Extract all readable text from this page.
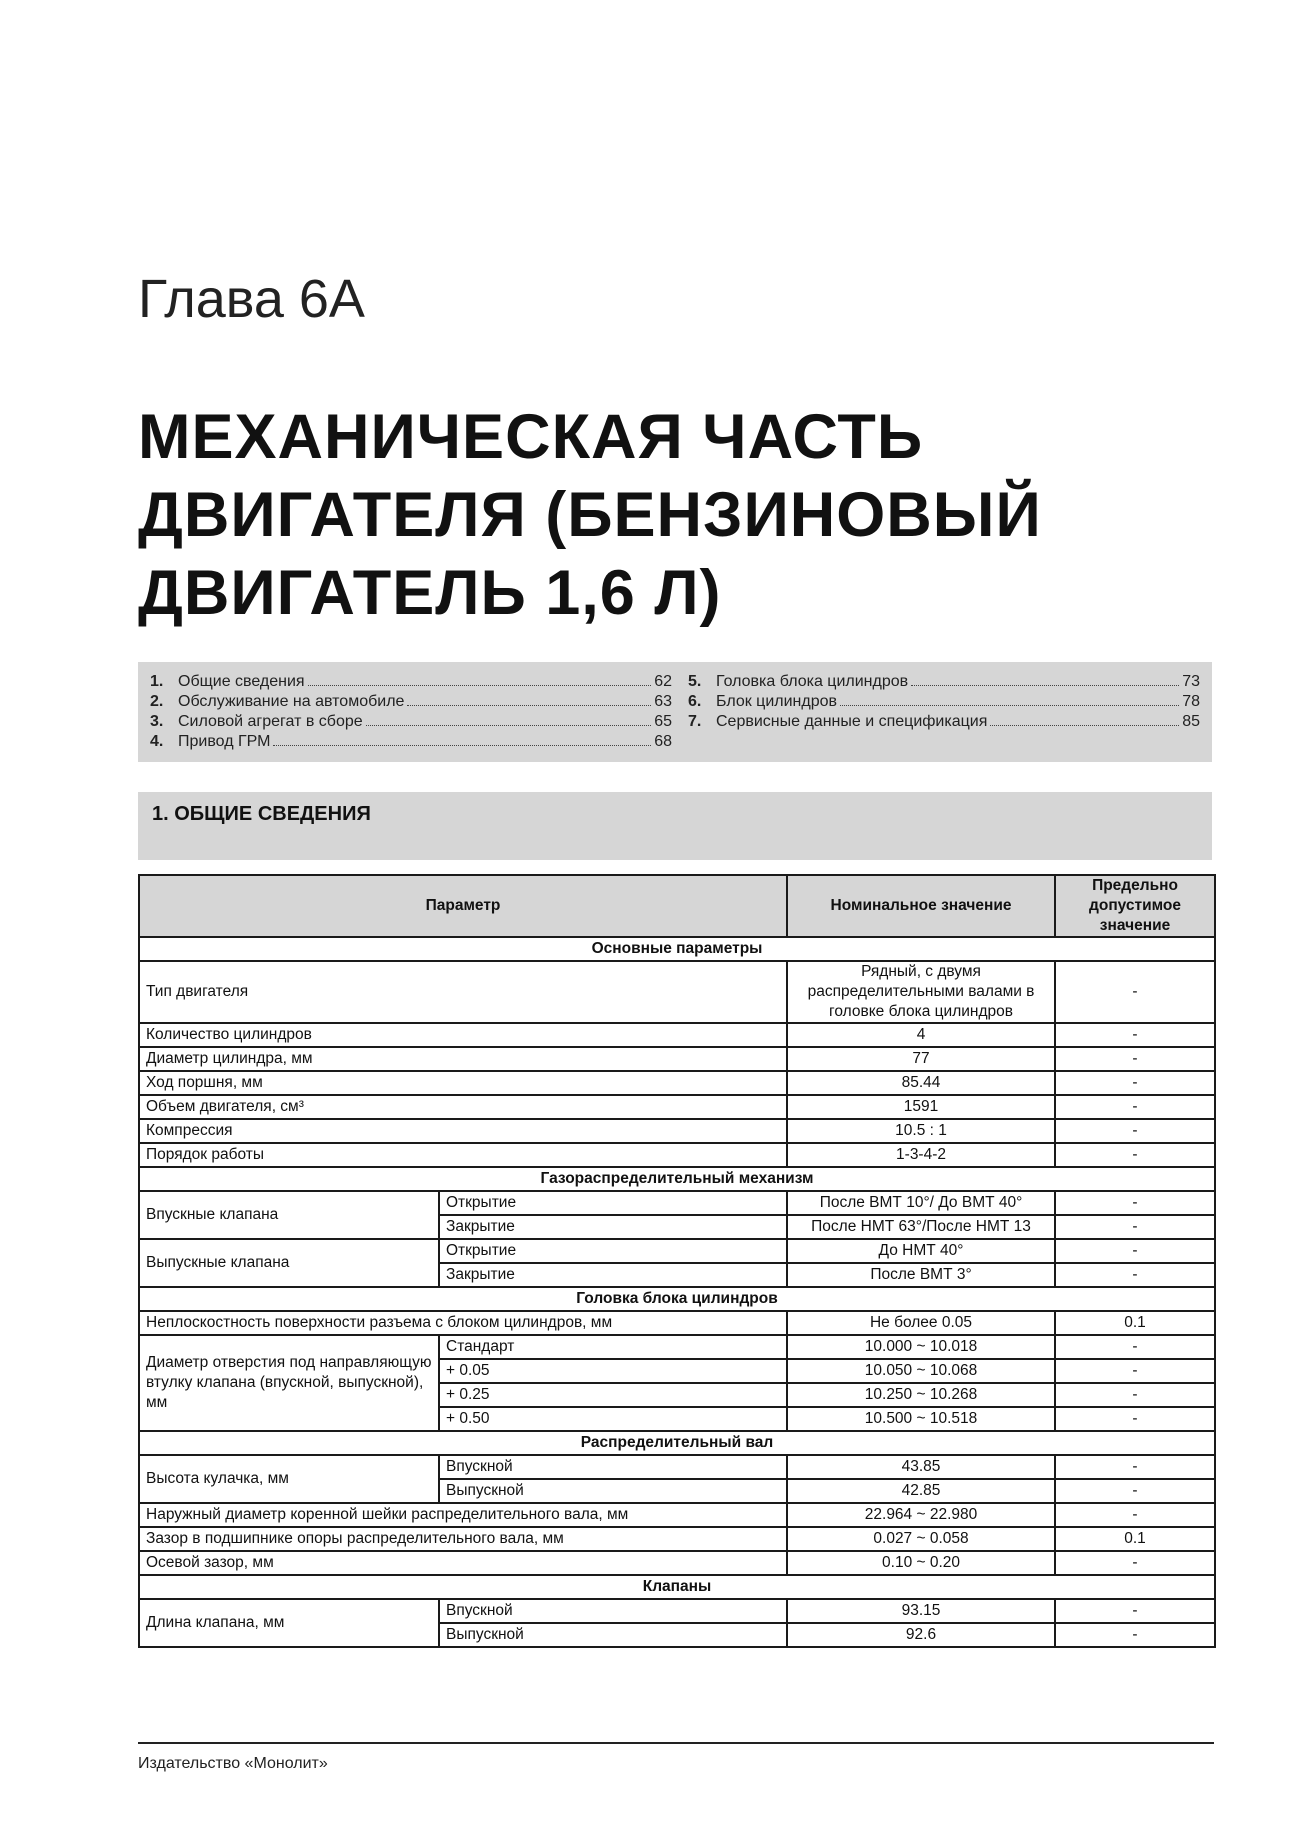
Глава 6А
МЕХАНИЧЕСКАЯ ЧАСТЬ
ДВИГАТЕЛЯ (БЕНЗИНОВЫЙ
ДВИГАТЕЛЬ 1,6 Л)
1. Общие сведения	62
2. Обслуживание на автомобиле	63
3. Силовой агрегат в сборе	65
4. Привод ГРМ	68
5. Головка блока цилиндров	73
6. Блок цилиндров	78
7. Сервисные данные и спецификация	85
1. ОБЩИЕ СВЕДЕНИЯ
Параметр		Номинальное значение	Предельно допустимое значение
Основные параметры			
Тип двигателя		Рядный, с двумя распределительными валами в головке блока цилиндров	-
Количество цилиндров		4	-
Диаметр цилиндра, мм		77	-
Ход поршня, мм		85.44	-
Объем двигателя, см³		1591	-
Компрессия		10.5 : 1	-
Порядок работы		1-3-4-2	-
Газораспределительный механизм			
Впускные клапана	Открытие	После ВМТ 10°/ До ВМТ 40°	-
	Закрытие	После НМТ 63°/После НМТ 13	-
Выпускные клапана	Открытие	До НМТ 40°	-
	Закрытие	После ВМТ 3°	-
Головка блока цилиндров			
Неплоскостность поверхности разъема с блоком цилиндров, мм		Не более 0.05	0.1
Диаметр отверстия под направляющую втулку клапана (впускной, выпускной), мм	Стандарт	10.000 ~ 10.018	-
	+ 0.05	10.050 ~ 10.068	-
	+ 0.25	10.250 ~ 10.268	-
	+ 0.50	10.500 ~ 10.518	-
Распределительный вал			
Высота кулачка, мм	Впускной	43.85	-
	Выпускной	42.85	-
Наружный диаметр коренной шейки распределительного вала, мм		22.964 ~ 22.980	-
Зазор в подшипнике опоры распределительного вала, мм		0.027 ~ 0.058	0.1
Осевой зазор, мм		0.10 ~ 0.20	-
Клапаны			
Длина клапана, мм	Впускной	93.15	-
	Выпускной	92.6	-
Издательство «Монолит»
